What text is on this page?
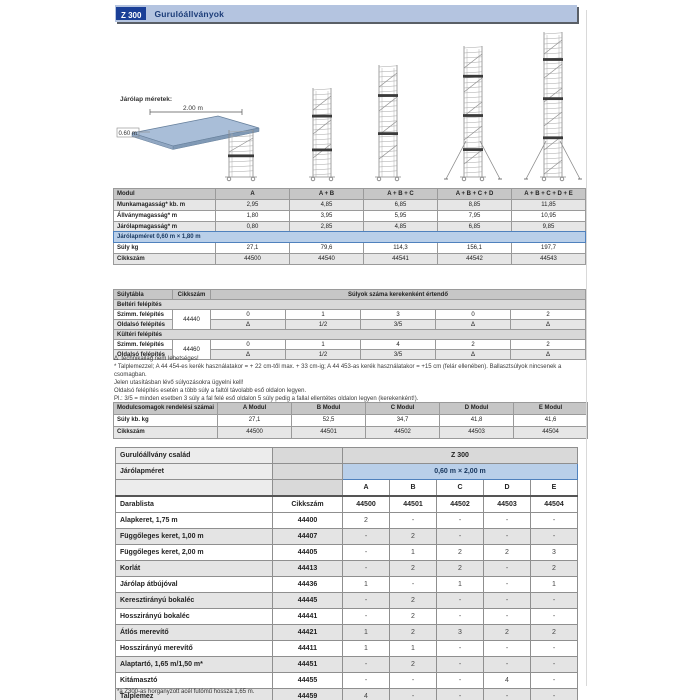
Z 300	Gurulóállványok
Járólap méretek:
2.00 m
0.60 m
Modul	A	A + B	A + B + C	A + B + C + D	A + B + C + D + E
Munkamagasság* kb. m	2,95	4,85	6,85	8,85	11,85
Állványmagasság* m	1,80	3,95	5,95	7,95	10,95
Járólapmagasság* m	0,80	2,85	4,85	6,85	9,85
Járólapméret 0,60 m × 1,80 m					
Súly kg	27,1	79,6	114,3	156,1	197,7
Cikkszám	44500	44540	44541	44542	44543
Súlytábla	Cikkszám	Súlyok száma kerekenként értendő				
Beltéri felépítés						
Szimm. felépítés	44440	0	1	3	0	2
Oldalsó felépítés		Δ	1/2	3/5	Δ	Δ
Kültéri felépítés						
Szimm. felépítés	44460	0	1	4	2	2
Oldalsó felépítés		Δ	1/2	3/5	Δ	Δ
Δ: technikailag nem lehetséges!
* Talplemezzel; A 44 454-es kerék használatakor = + 22 cm-től max. + 33 cm-ig; A 44 453-as kerék használatakor = +15 cm (felár ellenében). Ballasztsúlyok nincsenek a csomagban.
Jelen utasításban lévő súlyozásokra ügyelni kell!
Oldalsó felépítés esetén a több súly a faltól távolabb eső oldalon legyen.
Pl.: 3/5 = minden esetben 3 súly a fal felé eső oldalon 5 súly pedig a fallal ellentétes oldalon legyen (kerekenként!).
Modulcsomagok rendelési számai	A Modul	B Modul	C Modul	D Modul	E Modul
Súly kb. kg	27,1	52,5	34,7	41,8	41,6
Cikkszám	44500	44501	44502	44503	44504
Gurulóállvány család		Z 300				
Járólapméret		0,60 m × 2,00 m				
		A	B	C	D	E
Darablista	Cikkszám	44500	44501	44502	44503	44504
Alapkeret, 1,75 m	44400	2	-	-	-	-
Függőleges keret, 1,00 m	44407	-	2	-	-	-
Függőleges keret, 2,00 m	44405	-	1	2	2	3
Korlát	44413	-	2	2	-	2
Járólap átbújóval	44436	1	-	1	-	1
Keresztirányú bokaléc	44445	-	2	-	-	-
Hosszirányú bokaléc	44441	-	2	-	-	-
Átlós merevítő	44421	1	2	3	2	2
Hosszirányú merevítő	44411	1	1	-	-	-
Alaptartó, 1,65 m/1,50 m*	44451	-	2	-	-	-
Kitámasztó	44455	-	-	-	4	-
Talplemez	44459	4	-	-	-	-
*a Z300-as horganyzott acél futómű hossza 1,65 m.
